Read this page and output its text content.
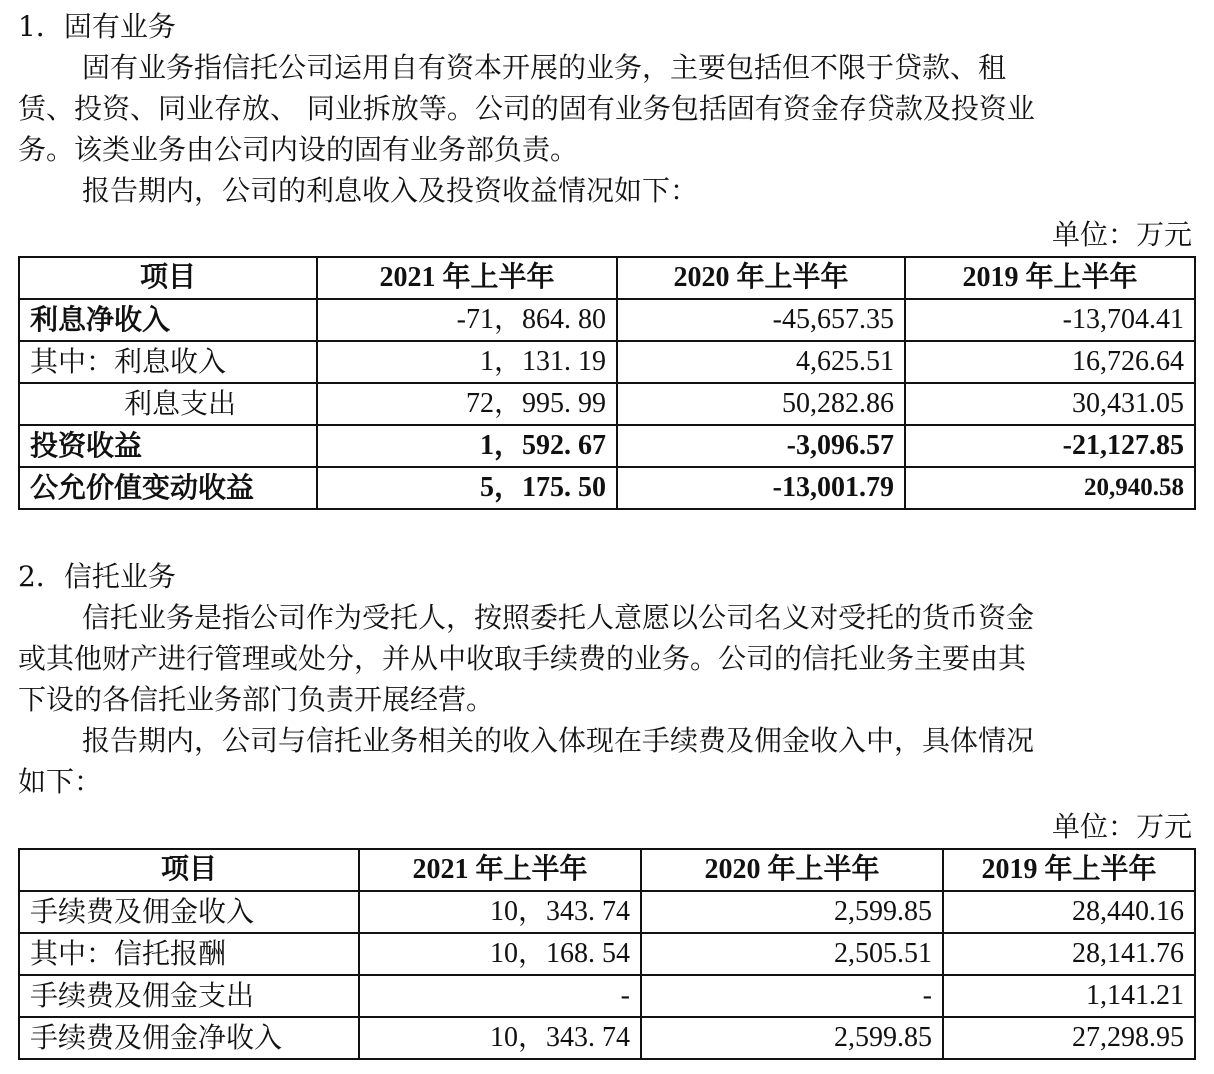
1．固有业务
固有业务指信托公司运用自有资本开展的业务，主要包括但不限于贷款、租
赁、投资、同业存放、 同业拆放等。公司的固有业务包括固有资金存贷款及投资业
务。该类业务由公司内设的固有业务部负责。
报告期内，公司的利息收入及投资收益情况如下：
单位：万元
项目	2021 年上半年	2020 年上半年	2019 年上半年
利息净收入	-71，864. 80	-45,657.35	-13,704.41
其中：利息收入	1，131. 19	4,625.51	16,726.64
利息支出	72，995. 99	50,282.86	30,431.05
投资收益	1，592. 67	-3,096.57	-21,127.85
公允价值变动收益	5，175. 50	-13,001.79	20,940.58
2．信托业务
信托业务是指公司作为受托人，按照委托人意愿以公司名义对受托的货币资金
或其他财产进行管理或处分，并从中收取手续费的业务。公司的信托业务主要由其
下设的各信托业务部门负责开展经营。
报告期内，公司与信托业务相关的收入体现在手续费及佣金收入中，具体情况
如下：
单位：万元
项目	2021 年上半年	2020 年上半年	2019 年上半年
手续费及佣金收入	10，343. 74	2,599.85	28,440.16
其中：信托报酬	10，168. 54	2,505.51	28,141.76
手续费及佣金支出	-	-	1,141.21
手续费及佣金净收入	10，343. 74	2,599.85	27,298.95
